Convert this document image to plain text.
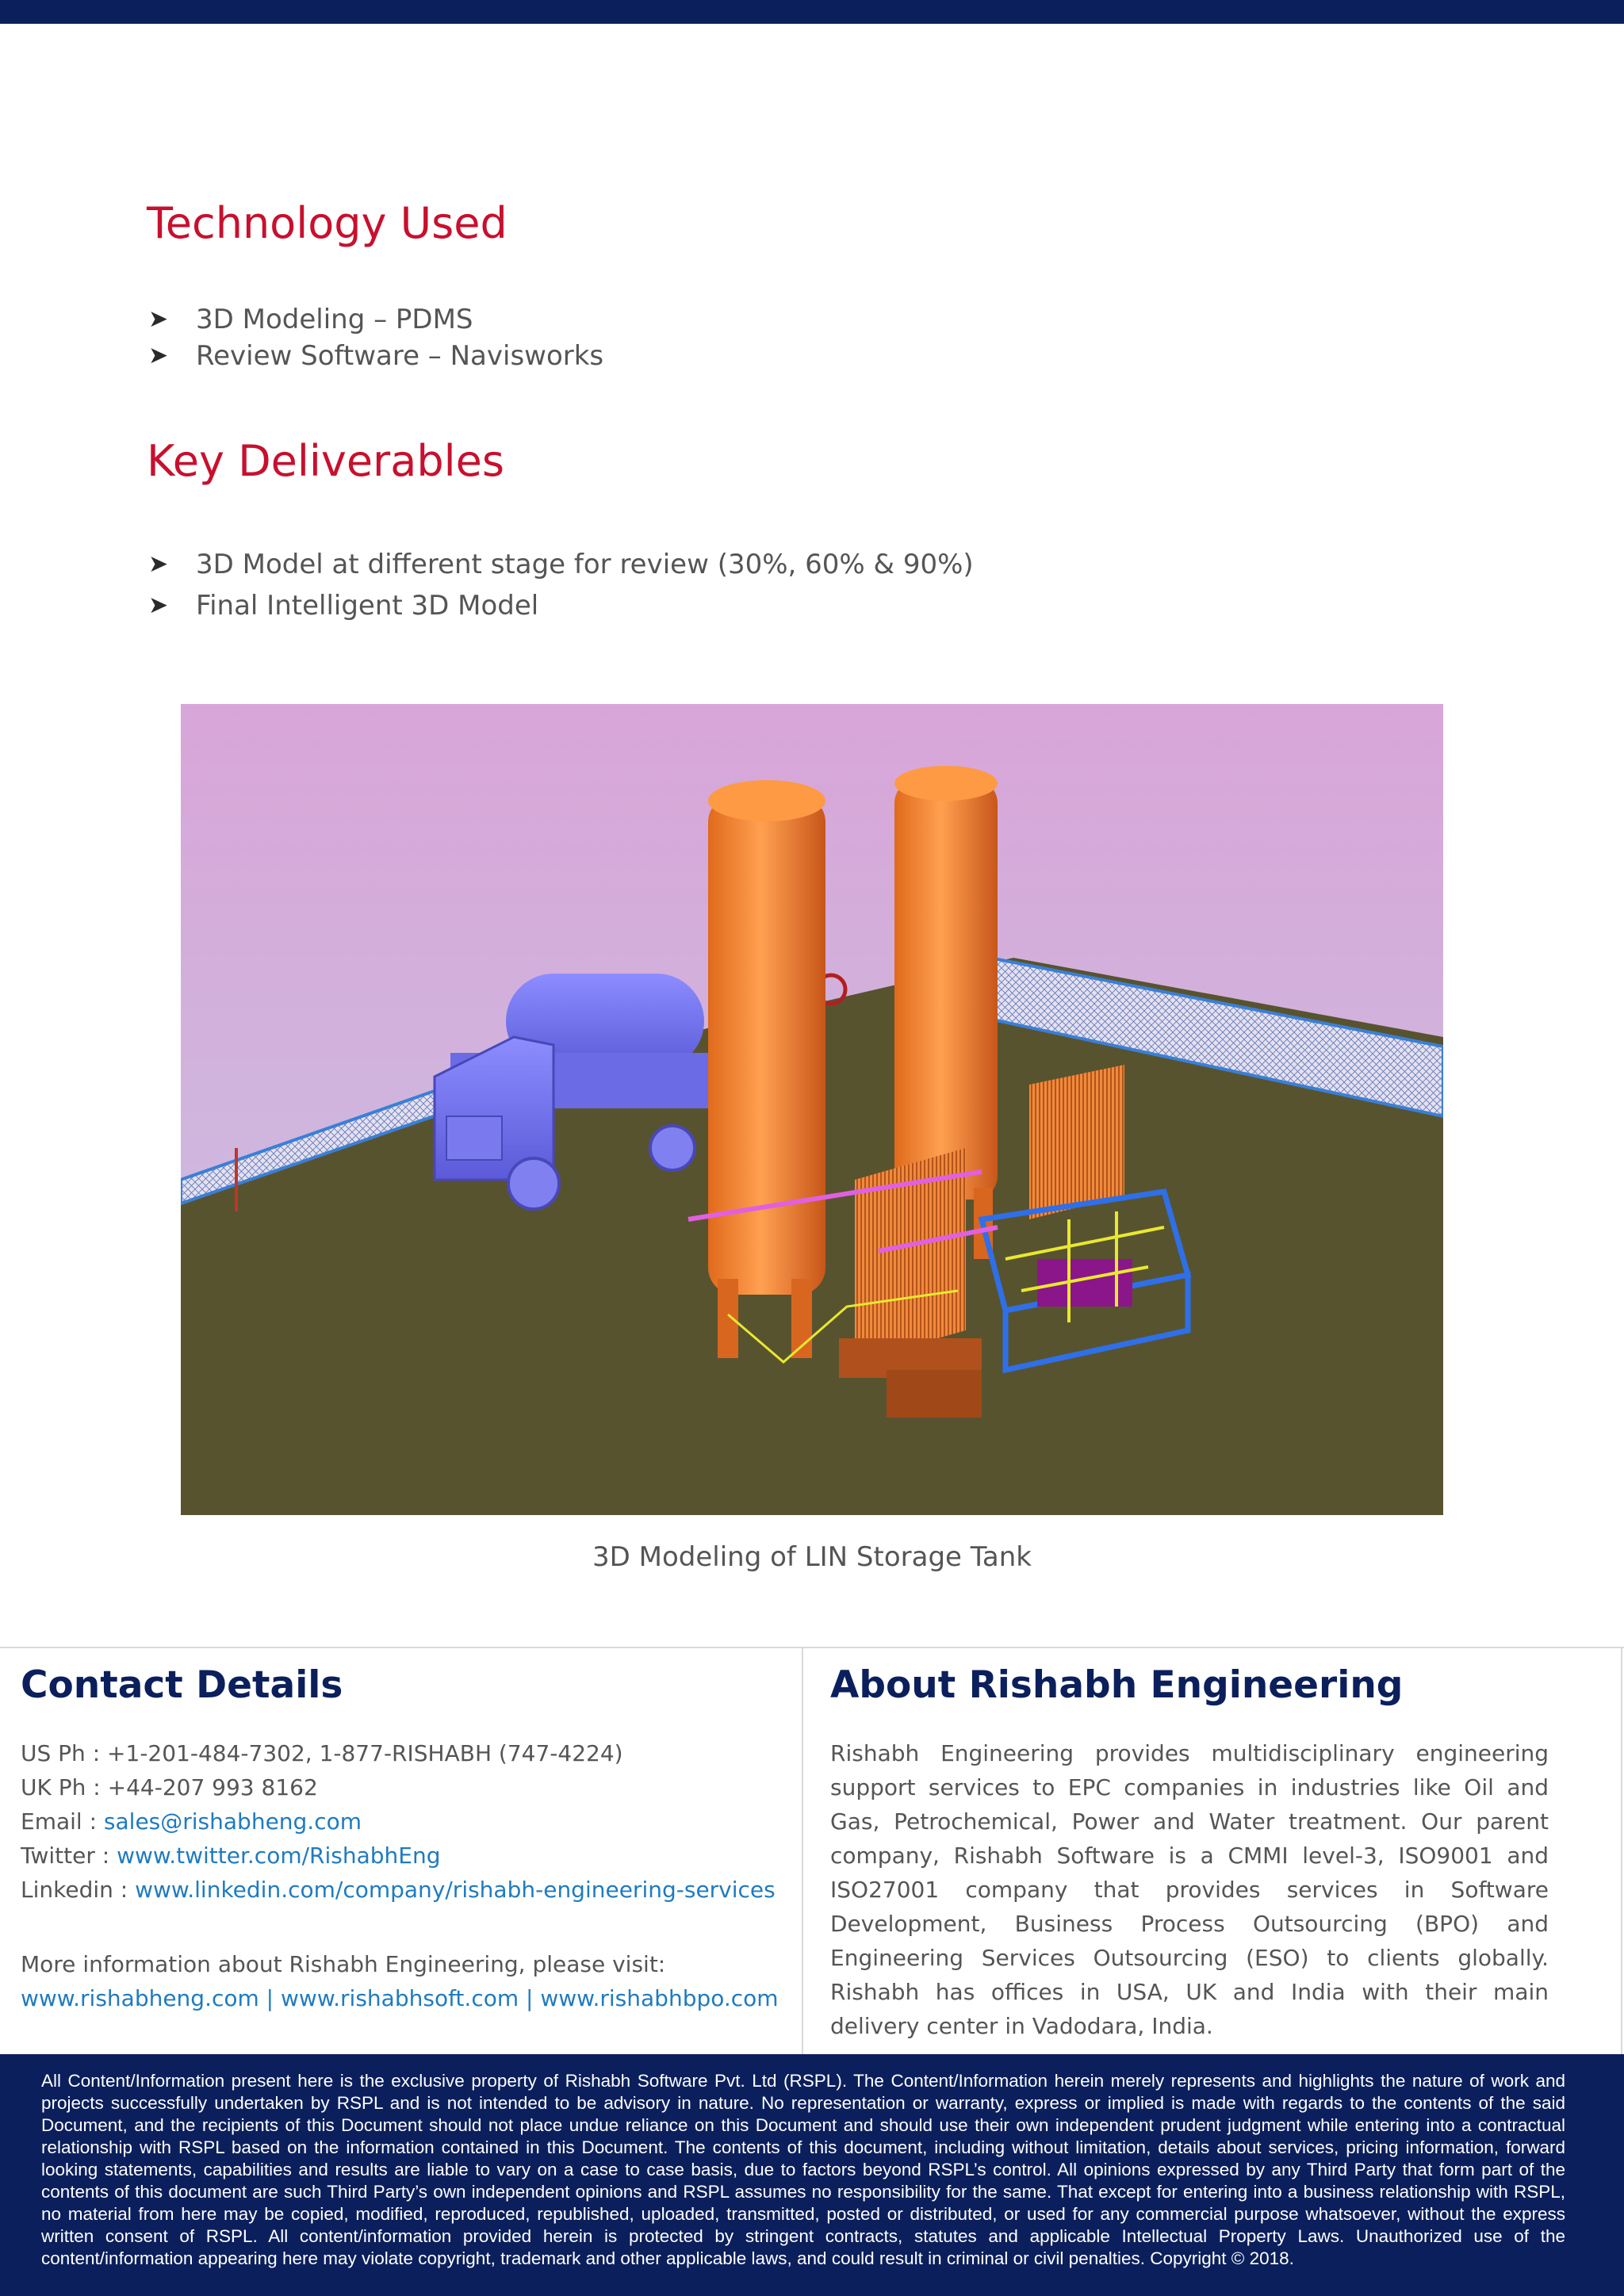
Technology Used
➤ 3D Modeling – PDMS
➤ Review Software – Navisworks
Key Deliverables
➤ 3D Model at different stage for review (30%, 60% & 90%)
➤ Final Intelligent 3D Model
3D Modeling of LIN Storage Tank
Contact Details
US Ph : +1-201-484-7302, 1-877-RISHABH (747-4224)
UK Ph : +44-207 993 8162
Email : sales@rishabheng.com
Twitter : www.twitter.com/RishabhEng
Linkedin : www.linkedin.com/company/rishabh-engineering-services
More information about Rishabh Engineering, please visit:
www.rishabheng.com | www.rishabhsoft.com | www.rishabhbpo.com
About Rishabh Engineering
Rishabh Engineering provides multidisciplinary engineering support services to EPC companies in industries like Oil and Gas, Petrochemical, Power and Water treatment. Our parent company, Rishabh Software is a CMMI level-3, ISO9001 and ISO27001 company that provides services in Software Development, Business Process Outsourcing (BPO) and Engineering Services Outsourcing (ESO) to clients globally. Rishabh has offices in USA, UK and India with their main delivery center in Vadodara, India.
All Content/Information present here is the exclusive property of Rishabh Software Pvt. Ltd (RSPL). The Content/Information herein merely represents and highlights the nature of work and projects successfully undertaken by RSPL and is not intended to be advisory in nature. No representation or warranty, express or implied is made with regards to the contents of the said Document, and the recipients of this Document should not place undue reliance on this Document and should use their own independent prudent judgment while entering into a contractual relationship with RSPL based on the information contained in this Document. The contents of this document, including without limitation, details about services, pricing information, forward looking statements, capabilities and results are liable to vary on a case to case basis, due to factors beyond RSPL’s control. All opinions expressed by any Third Party that form part of the contents of this document are such Third Party’s own independent opinions and RSPL assumes no responsibility for the same. That except for entering into a business relationship with RSPL, no material from here may be copied, modified, reproduced, republished, uploaded, transmitted, posted or distributed, or used for any commercial purpose whatsoever, without the express written consent of RSPL. All content/information provided herein is protected by stringent contracts, statutes and applicable Intellectual Property Laws. Unauthorized use of the content/information appearing here may violate copyright, trademark and other applicable laws, and could result in criminal or civil penalties. Copyright © 2018.
